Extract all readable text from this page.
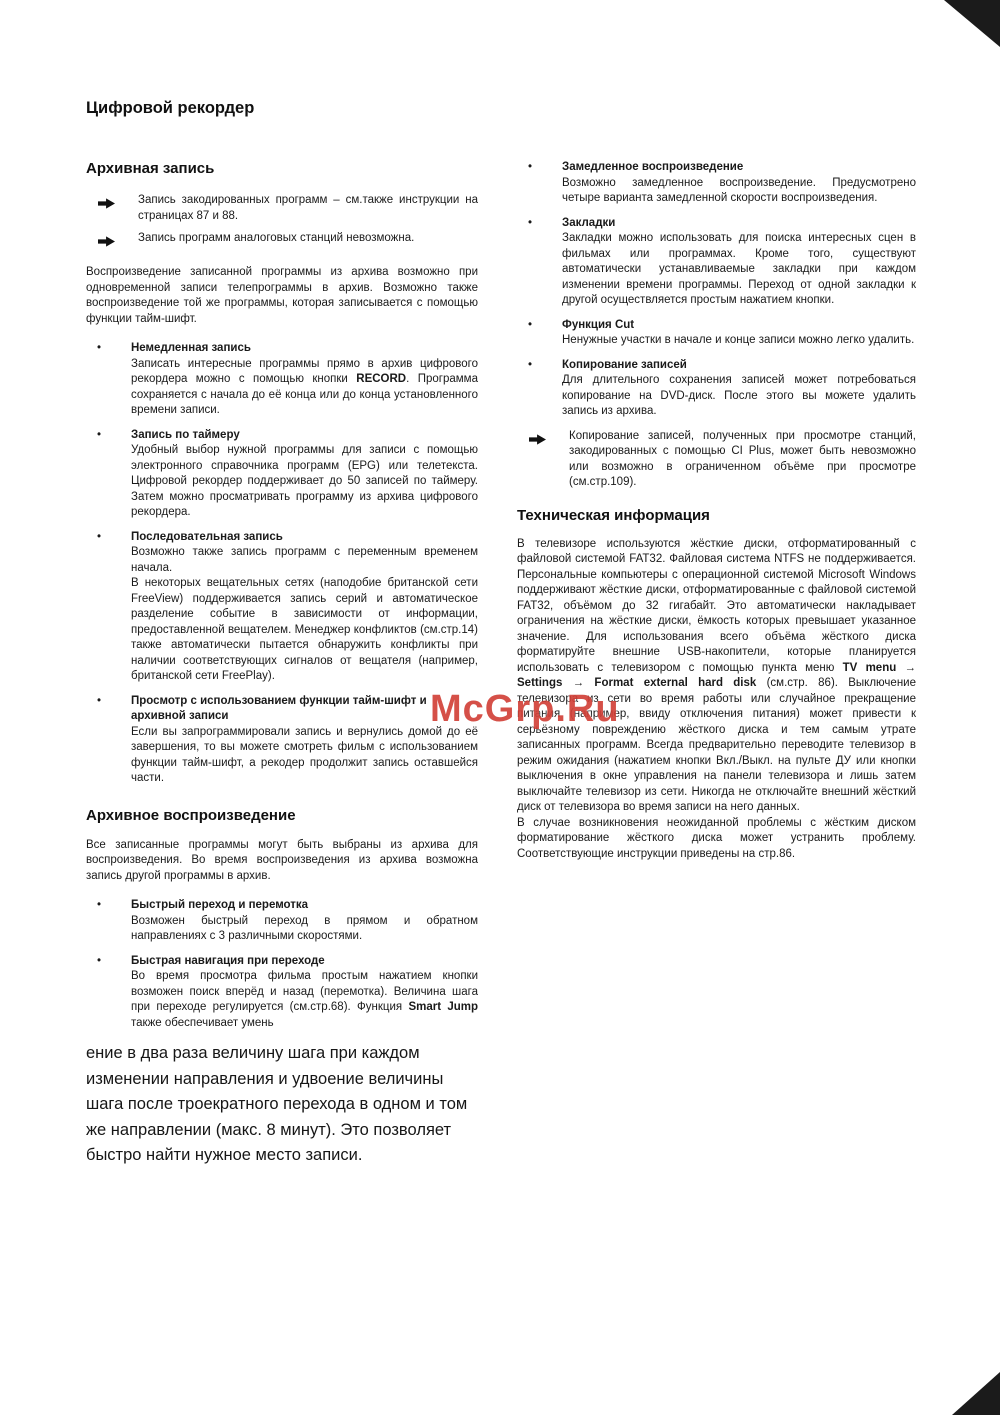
Цифровой рекордер
Архивная запись
Запись закодированных программ – см.также инструкции на страницах 87 и 88.
Запись программ аналоговых станций невозможна.

Воспроизведение записанной программы из архива возможно при одновременной записи телепрограммы в архив. Возможно также воспроизведение той же программы, которая записывается с помощью функции тайм-шифт.

•	Немедленная запись

Записать интересные программы прямо в архив цифрового рекордера можно с помощью кнопки RECORD. Программа сохраняется с начала до её конца или до конца установленного времени записи.

•	Запись по таймеру

Удобный выбор нужной программы для записи с помощью электронного справочника программ (EPG) или телетекста. Цифровой рекордер поддерживает до 50 записей по таймеру. Затем можно просматривать программу из архива цифрового рекордера.

•	Последовательная запись

Возможно также запись программ с переменным временем начала.
В некоторых вещательных сетях (наподобие британской сети FreeView) поддерживается запись серий и автоматическое разделение событие в зависимости от информации, предоставленной вещателем. Менеджер конфликтов (см.стр.14) также автоматически пытается обнаружить конфликты при наличии соответствующих сигналов от вещателя (например, британской сети FreePlay).

•	Просмотр с использованием функции тайм-шифт и архивной записи

Если вы запрограммировали запись и вернулись домой до её завершения, то вы можете смотреть фильм с использованием функции тайм-шифт, а рекодер продолжит запись оставшейся части.

Архивное воспроизведение

Все записанные программы могут быть выбраны из архива для воспроизведения. Во время воспроизведения из архива возможна запись другой программы в архив.

•	Быстрый переход и перемотка

Возможен быстрый переход в прямом и обратном направлениях с 3 различными скоростями.

•	Быстрая навигация при переходе

Во время просмотра фильма простым нажатием кнопки возможен поиск вперёд и назад (перемотка). Величина шага при переходе регулируется (см.стр.68). Функция Smart Jump также обеспечивает умень

ение в два раза величину шага при каждом изменении направления и удвоение величины шага после троекратного перехода в одном и том же направлении (макс. 8 минут). Это позволяет быстро найти нужное место записи.

•	Замедленное воспроизведение

Возможно замедленное воспроизведение. Предусмотрено четыре варианта замедленной скорости воспроизведения.

•	Закладки

Закладки можно использовать для поиска интересных сцен в фильмах или программах. Кроме того, существуют автоматически устанавливаемые закладки при каждом изменении времени программы. Переход от одной закладки к другой осуществляется простым нажатием кнопки.

•	Функция Cut

Ненужные участки в начале и конце записи можно легко удалить.

•	Копирование записей

Для длительного сохранения записей может потребоваться копирование на DVD-диск. После этого вы можете удалить запись из архива.

Копирование записей, полученных при просмотре станций, закодированных с помощью CI Plus, может быть невозможно или возможно в ограниченном объёме при просмотре (см.стр.109).
Техническая информация

В телевизоре используются жёсткие диски, отформатированный с файловой системой FAT32. Файловая система NTFS не поддерживается. Персональные компьютеры с операционной системой Microsoft Windows поддерживают жёсткие диски, отформатированные с файловой системой FAT32, объёмом до 32 гигабайт. Это автоматически накладывает ограничения на жёсткие диски, ёмкость которых превышает указанное значение. Для использования всего объёма жёсткого диска форматируйте внешние USB-накопители, которые планируется использовать с телевизором с помощью пункта меню TV menu → Settings → Format external hard disk (см.стр. 86). Выключение телевизора из сети во время работы или случайное прекращение питания (например, ввиду отключения питания) может привести к серьёзному повреждению жёсткого диска и тем самым утрате записанных программ. Всегда предварительно переводите телевизор в режим ожидания (нажатием кнопки Вкл./Выкл. на пульте ДУ или кнопки выключения в окне управления на панели телевизора и лишь затем выключайте телевизор из сети. Никогда не отключайте внешний жёсткий диск от телевизора во время записи на него данных.

В случае возникновения неожиданной проблемы с жёстким диском форматирование жёсткого диска может устранить проблему. Соответствующие инструкции приведены на стр.86.

McGrp.Ru
